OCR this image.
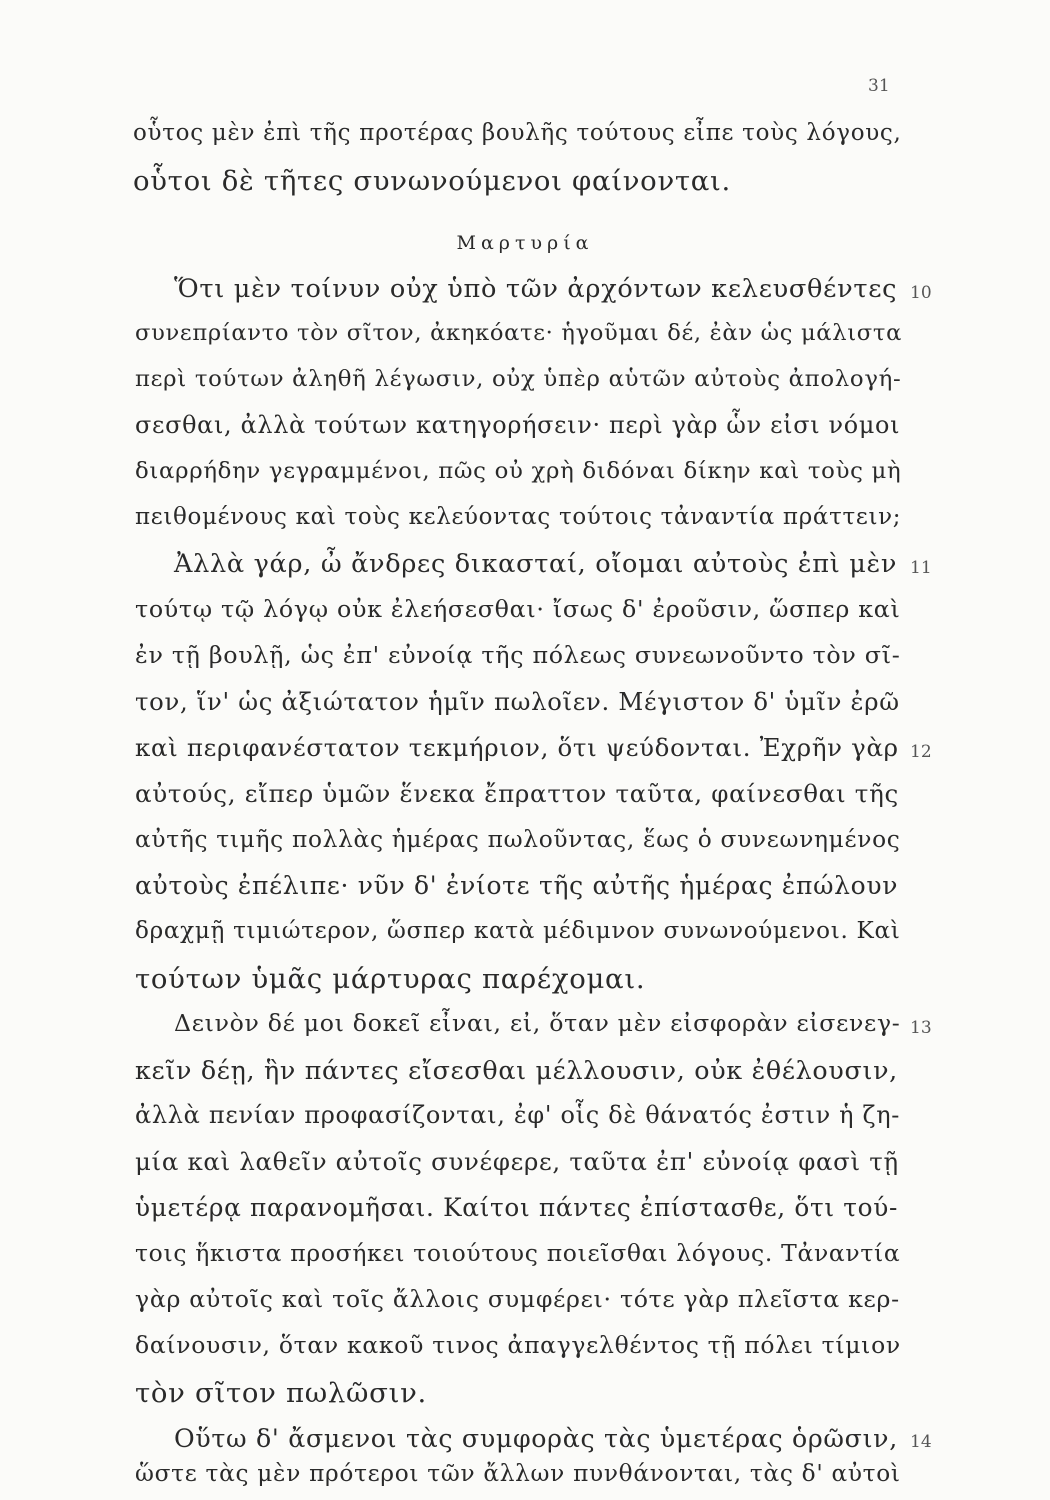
31
οὗτος μὲν ἐπὶ τῆς προτέρας βουλῆς τούτους εἶπε τοὺς λόγους,
οὗτοι δὲ τῆτες συνωνούμενοι φαίνονται.
Μαρτυρία
Ὅτι μὲν τοίνυν οὐχ ὑπὸ τῶν ἀρχόντων κελευσθέντες 10
συνεπρίαντο τὸν σῖτον, ἀκηκόατε· ἡγοῦμαι δέ, ἐὰν ὡς μάλιστα
περὶ τούτων ἀληθῆ λέγωσιν, οὐχ ὑπὲρ αὑτῶν αὐτοὺς ἀπολογή-
σεσθαι, ἀλλὰ τούτων κατηγορήσειν· περὶ γὰρ ὧν εἰσι νόμοι
διαρρήδην γεγραμμένοι, πῶς οὐ χρὴ διδόναι δίκην καὶ τοὺς μὴ
πειθομένους καὶ τοὺς κελεύοντας τούτοις τἀναντία πράττειν;
Ἀλλὰ γάρ, ὦ ἄνδρες δικασταί, οἴομαι αὐτοὺς ἐπὶ μὲν 11
τούτῳ τῷ λόγῳ οὐκ ἐλεήσεσθαι· ἴσως δ' ἐροῦσιν, ὥσπερ καὶ
ἐν τῇ βουλῇ, ὡς ἐπ' εὐνοίᾳ τῆς πόλεως συνεωνοῦντο τὸν σῖ-
τον, ἵν' ὡς ἀξιώτατον ἡμῖν πωλοῖεν. Μέγιστον δ' ὑμῖν ἐρῶ
καὶ περιφανέστατον τεκμήριον, ὅτι ψεύδονται. Ἐχρῆν γὰρ 12
αὐτούς, εἴπερ ὑμῶν ἕνεκα ἔπραττον ταῦτα, φαίνεσθαι τῆς
αὐτῆς τιμῆς πολλὰς ἡμέρας πωλοῦντας, ἕως ὁ συνεωνημένος
αὐτοὺς ἐπέλιπε· νῦν δ' ἐνίοτε τῆς αὐτῆς ἡμέρας ἐπώλουν
δραχμῇ τιμιώτερον, ὥσπερ κατὰ μέδιμνον συνωνούμενοι. Καὶ
τούτων ὑμᾶς μάρτυρας παρέχομαι.
Δεινὸν δέ μοι δοκεῖ εἶναι, εἰ, ὅταν μὲν εἰσφορὰν εἰσενεγ- 13
κεῖν δέῃ, ἣν πάντες εἴσεσθαι μέλλουσιν, οὐκ ἐθέλουσιν,
ἀλλὰ πενίαν προφασίζονται, ἐφ' οἷς δὲ θάνατός ἐστιν ἡ ζη-
μία καὶ λαθεῖν αὐτοῖς συνέφερε, ταῦτα ἐπ' εὐνοίᾳ φασὶ τῇ
ὑμετέρᾳ παρανομῆσαι. Καίτοι πάντες ἐπίστασθε, ὅτι τού-
τοις ἥκιστα προσήκει τοιούτους ποιεῖσθαι λόγους. Τἀναντία
γὰρ αὐτοῖς καὶ τοῖς ἄλλοις συμφέρει· τότε γὰρ πλεῖστα κερ-
δαίνουσιν, ὅταν κακοῦ τινος ἀπαγγελθέντος τῇ πόλει τίμιον
τὸν σῖτον πωλῶσιν.
Οὕτω δ' ἄσμενοι τὰς συμφορὰς τὰς ὑμετέρας ὁρῶσιν, 14
ὥστε τὰς μὲν πρότεροι τῶν ἄλλων πυνθάνονται, τὰς δ' αὐτοὶ
